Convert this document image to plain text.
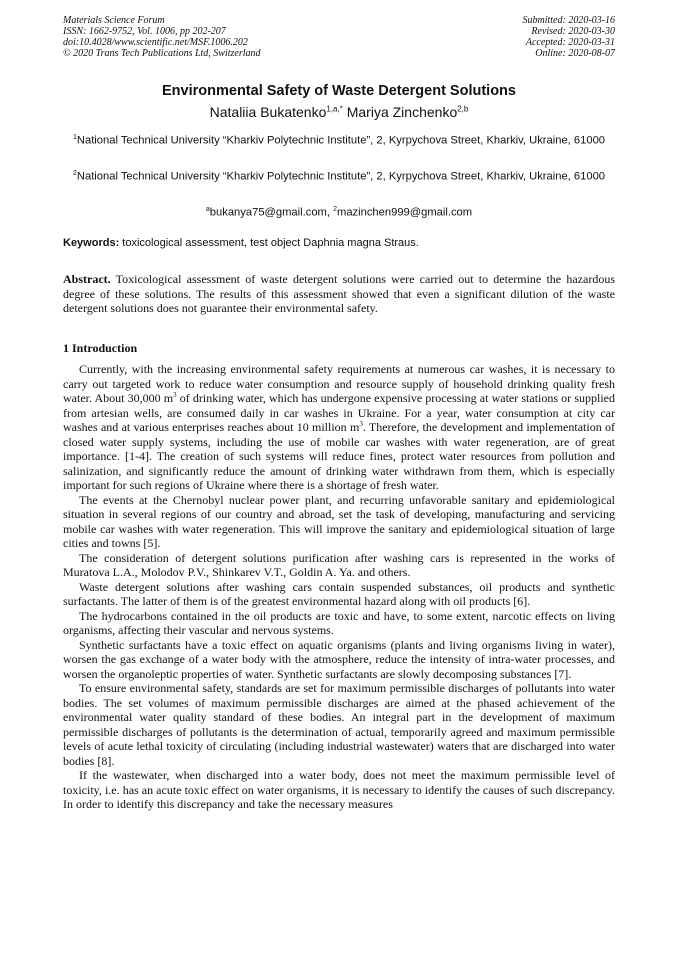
Materials Science Forum
ISSN: 1662-9752, Vol. 1006, pp 202-207
doi:10.4028/www.scientific.net/MSF.1006.202
© 2020 Trans Tech Publications Ltd, Switzerland
Submitted: 2020-03-16
Revised: 2020-03-30
Accepted: 2020-03-31
Online: 2020-08-07
Environmental Safety of Waste Detergent Solutions
Nataliia Bukatenko$^{1,a,*}$ Mariya Zinchenko$^{2,b}$
$^1$National Technical University “Kharkiv Polytechnic Institute”, 2, Kyrpychova Street, Kharkiv, Ukraine, 61000
$^2$National Technical University “Kharkiv Polytechnic Institute”, 2, Kyrpychova Street, Kharkiv, Ukraine, 61000
$^a$bukanya75@gmail.com, $^2$mazinchen999@gmail.com
Keywords: toxicological assessment, test object Daphnia magna Straus.
Abstract. Toxicological assessment of waste detergent solutions were carried out to determine the hazardous degree of these solutions. The results of this assessment showed that even a significant dilution of the waste detergent solutions does not guarantee their environmental safety.
1 Introduction

Currently, with the increasing environmental safety requirements at numerous car washes, it is necessary to carry out targeted work to reduce water consumption and resource supply of household drinking quality fresh water. About 30,000 $m^3$ of drinking water, which has undergone expensive processing at water stations or supplied from artesian wells, are consumed daily in car washes in Ukraine. For a year, water consumption at city car washes and at various enterprises reaches about 10 million $m^3$. Therefore, the development and implementation of closed water supply systems, including the use of mobile car washes with water regeneration, are of great importance. [1-4]. The creation of such systems will reduce fines, protect water resources from pollution and salinization, and significantly reduce the amount of drinking water withdrawn from them, which is especially important for such regions of Ukraine where there is a shortage of fresh water.

The events at the Chernobyl nuclear power plant, and recurring unfavorable sanitary and epidemiological situation in several regions of our country and abroad, set the task of developing, manufacturing and servicing mobile car washes with water regeneration. This will improve the sanitary and epidemiological situation of large cities and towns [5].

The consideration of detergent solutions purification after washing cars is represented in the works of Muratova L.A., Molodov P.V., Shinkarev V.T., Goldin A. Ya. and others.

Waste detergent solutions after washing cars contain suspended substances, oil products and synthetic surfactants. The latter of them is of the greatest environmental hazard along with oil products [6].

The hydrocarbons contained in the oil products are toxic and have, to some extent, narcotic effects on living organisms, affecting their vascular and nervous systems.

Synthetic surfactants have a toxic effect on aquatic organisms (plants and living organisms living in water), worsen the gas exchange of a water body with the atmosphere, reduce the intensity of intra-water processes, and worsen the organoleptic properties of water. Synthetic surfactants are slowly decomposing substances [7].

To ensure environmental safety, standards are set for maximum permissible discharges of pollutants into water bodies. The set volumes of maximum permissible discharges are aimed at the phased achievement of the environmental water quality standard of these bodies. An integral part in the development of maximum permissible discharges of pollutants is the determination of actual, temporarily agreed and maximum permissible levels of acute lethal toxicity of circulating (including industrial wastewater) waters that are discharged into water bodies [8].

If the wastewater, when discharged into a water body, does not meet the maximum permissible level of toxicity, i.e. has an acute toxic effect on water organisms, it is necessary to identify the causes of such discrepancy. In order to identify this discrepancy and take the necessary measures
